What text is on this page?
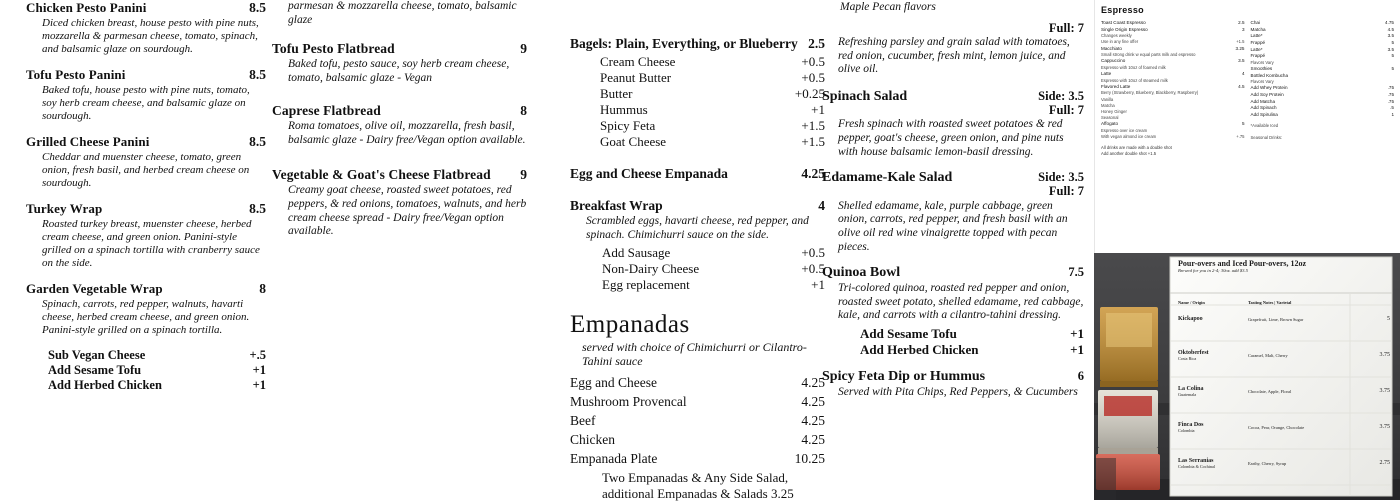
Chicken Pesto Panini	8.5
Diced chicken breast, house pesto with pine nuts, mozzarella & parmesan cheese, tomato, spinach, and balsamic glaze on sourdough.
Tofu Pesto Panini	8.5
Baked tofu, house pesto with pine nuts, tomato, soy herb cream cheese, and balsamic glaze on sourdough.
Grilled Cheese Panini	8.5
Cheddar and muenster cheese, tomato, green onion, fresh basil, and herbed cream cheese on sourdough.
Turkey Wrap	8.5
Roasted turkey breast, muenster cheese, herbed cream cheese, and green onion. Panini-style grilled on a spinach tortilla with cranberry sauce on the side.
Garden Vegetable Wrap	8
Spinach, carrots, red pepper, walnuts, havarti cheese, herbed cream cheese, and green onion. Panini-style grilled on a spinach tortilla.
Sub Vegan Cheese	+.5
Add Sesame Tofu	+1
Add Herbed Chicken	+1
parmesan & mozzarella cheese, tomato, balsamic glaze
Tofu Pesto Flatbread	9
Baked tofu, pesto sauce, soy herb cream cheese, tomato, balsamic glaze - Vegan
Caprese Flatbread	8
Roma tomatoes, olive oil, mozzarella, fresh basil, balsamic glaze - Dairy free/Vegan option available.
Vegetable & Goat's Cheese Flatbread	9
Creamy goat cheese, roasted sweet potatoes, red peppers, & red onions, tomatoes, walnuts, and herb cream cheese spread - Dairy free/Vegan option available.
Bagels: Plain, Everything, or Blueberry 2.5
Cream Cheese	+0.5
Peanut Butter	+0.5
Butter	+0.25
Hummus	+1
Spicy Feta	+1.5
Goat Cheese	+1.5
Egg and Cheese Empanada	4.25
Breakfast Wrap	4
Scrambled eggs, havarti cheese, red pepper, and spinach. Chimichurri sauce on the side.
Add Sausage	+0.5
Non-Dairy Cheese	+0.5
Egg replacement	+1
Empanadas
served with choice of Chimichurri or Cilantro-Tahini sauce
Egg and Cheese	4.25
Mushroom Provencal	4.25
Beef	4.25
Chicken	4.25
Empanada Plate	10.25
Two Empanadas & Any Side Salad, additional Empanadas & Salads 3.25
Maple Pecan flavors
Full: 7
Refreshing parsley and grain salad with tomatoes, red onion, cucumber, fresh mint, lemon juice, and olive oil.
Spinach Salad	Side: 3.5
Full: 7
Fresh spinach with roasted sweet potatoes & red pepper, goat's cheese, green onion, and pine nuts with house balsamic lemon-basil dressing.
Edamame-Kale Salad	Side: 3.5
Full: 7
Shelled edamame, kale, purple cabbage, green onion, carrots, red pepper, and fresh basil with an olive oil red wine vinaigrette topped with pecan pieces.
Quinoa Bowl	7.5
Tri-colored quinoa, roasted red pepper and onion, roasted sweet potato, shelled edamame, red cabbage, kale, and carrots with a cilantro-tahini dressing.
Add Sesame Tofu	+1
Add Herbed Chicken	+1
Spicy Feta Dip or Hummus	6
Served with Pita Chips, Red Peppers, & Cucumbers
Espresso
Toast Coast Espresso	2.5
Single Origin Espresso	3
Changes weekly
Use in any fine offer	+1.5
Macchiato	3.25
Small strong drink w equal parts milk and espresso
Cappuccino	3.5
Espresso with 10oz of foamed milk
Latte	4
Espresso with 10oz of steamed milk
Flavored Latte	4.5
Berry (Strawberry, Blueberry, Blackberry, Raspberry)
Vanilla
Matcha
Honey Ginger
Seasonal
Affogato	5
Espresso over ice cream
With vegan almond ice cream	+.75
Chai	4.75
Matcha	4.5
Latte*	3.5
Frappé	5
Latte*	3.5
Frappé	5
Flavors Vary
Smoothies	5
Bottled Kombucha
Flavors Vary
Add Whey Protein	.75
Add Soy Protein	.75
Add Matcha	.75
Add Spinach	.5
Add Spirulina	1
*Available Iced
Seasonal Drinks:
All drinks are made with a double shot
Add another double shot +1.5
Pour-overs and Iced Pour-overs, 12oz
Brewed for you in 2-4; 30oz. add $3.5
Name / Origin	Tasting Notes | Varietal
Kickapoo	Grapefruit, Lime, Brown Sugar	5
Oktoberfest
Costa Rica
Caramel, Malt, Cherry	3.75
La Colina
Guatemala
Chocolate, Apple, Floral	3.75
Finca Dos
Colombia
Cocoa, Pear, Orange, Chocolate	3.75
Las Serranias
Colombia & Cochinal
Earthy, Cherry, Syrup	2.75
